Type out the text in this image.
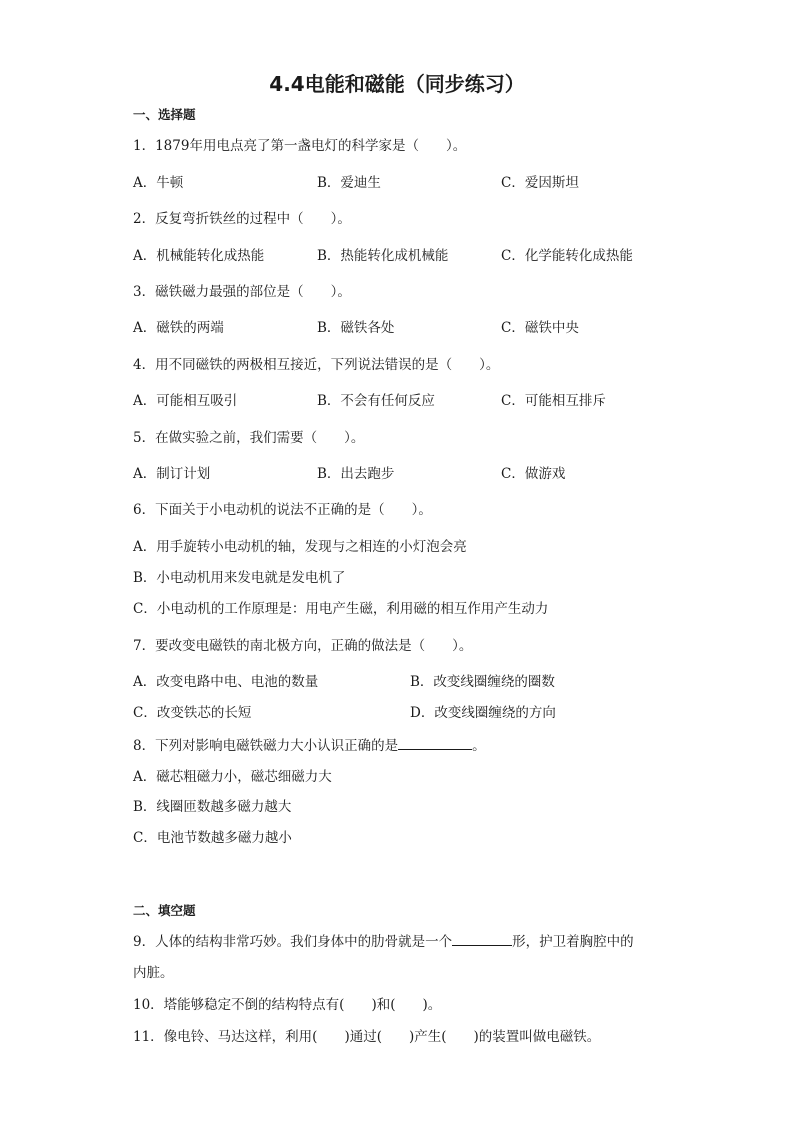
4.4电能和磁能（同步练习）
一、选择题
1．1879年用电点亮了第一盏电灯的科学家是（　　）。
A．牛顿	B．爱迪生	C．爱因斯坦
2．反复弯折铁丝的过程中（　　）。
A．机械能转化成热能	B．热能转化成机械能	C．化学能转化成热能
3．磁铁磁力最强的部位是（　　）。
A．磁铁的两端	B．磁铁各处	C．磁铁中央
4．用不同磁铁的两极相互接近，下列说法错误的是（　　）。
A．可能相互吸引	B．不会有任何反应	C．可能相互排斥
5．在做实验之前，我们需要（　　）。
A．制订计划	B．出去跑步	C．做游戏
6．下面关于小电动机的说法不正确的是（　　）。
A．用手旋转小电动机的轴，发现与之相连的小灯泡会亮
B．小电动机用来发电就是发电机了
C．小电动机的工作原理是：用电产生磁，利用磁的相互作用产生动力
7．要改变电磁铁的南北极方向，正确的做法是（　　）。
A．改变电路中电、电池的数量	B．改变线圈缠绕的圈数
C．改变铁芯的长短	D．改变线圈缠绕的方向
8．下列对影响电磁铁磁力大小认识正确的是	。
A．磁芯粗磁力小，磁芯细磁力大
B．线圈匝数越多磁力越大
C．电池节数越多磁力越小
二、填空题
9．人体的结构非常巧妙。我们身体中的肋骨就是一个	形，护卫着胸腔中的
内脏。
10．塔能够稳定不倒的结构特点有(　　)和(　　)。
11．像电铃、马达这样，利用(　　)通过(　　)产生(　　)的装置叫做电磁铁。
